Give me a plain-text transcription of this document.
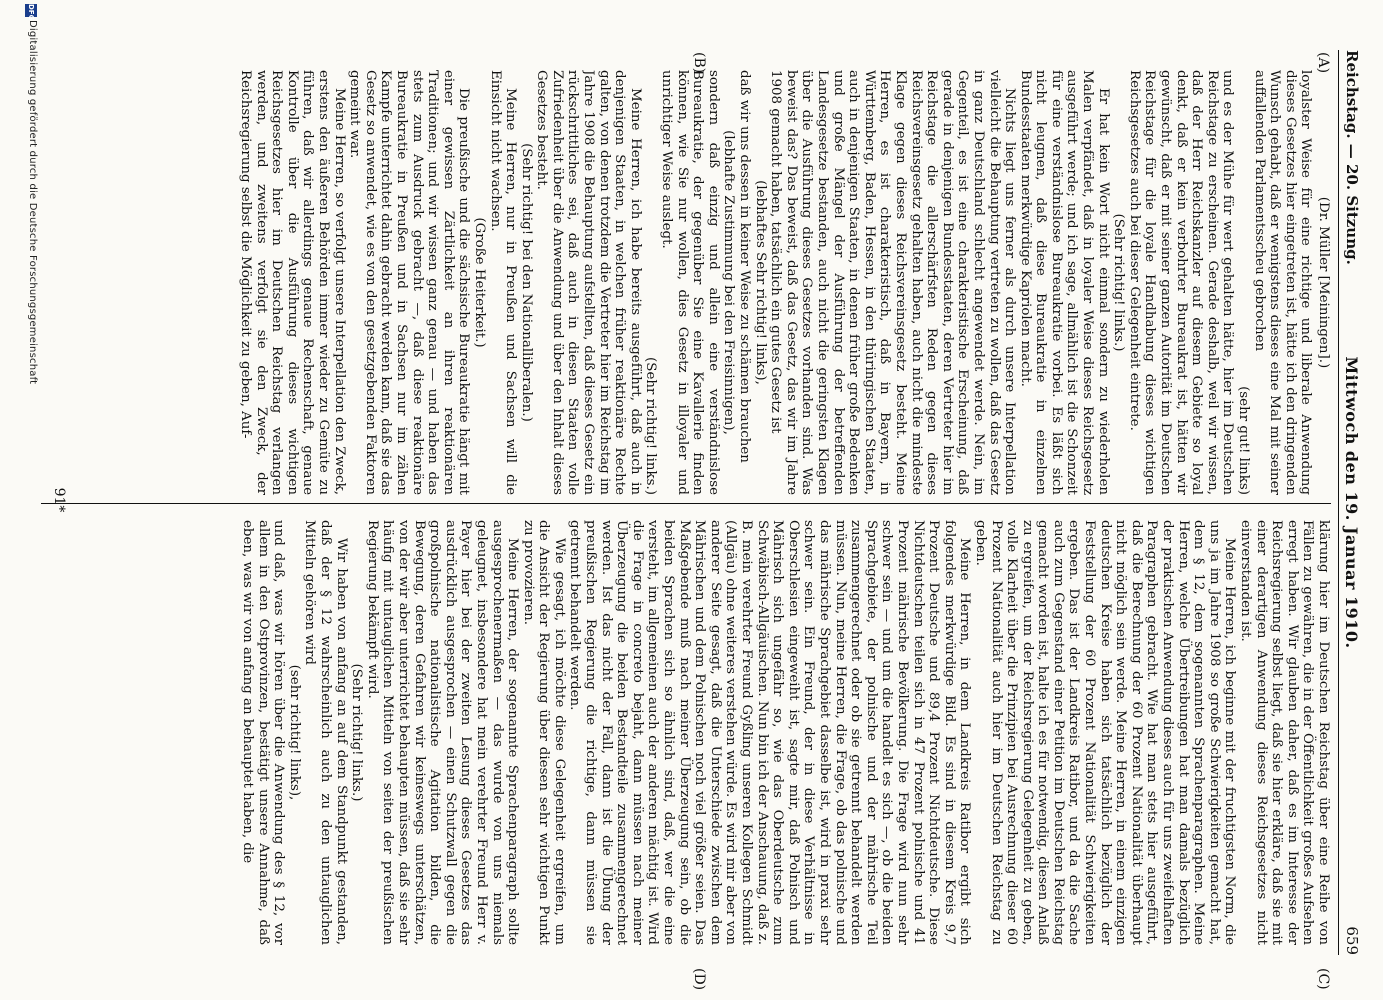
Reichstag. — 20. Sitzung.
Mittwoch den 19. Januar 1910.
659
(A)
(B)
(C)
(D)

(Dr. Müller [Meiningen].)

loyalster Weise für eine richtige und liberale Anwendung dieses Gesetzes hier eingetreten ist, hätte ich den dringenden Wunsch gehabt, daß er wenigstens dieses eine Mal mit seiner auffallenden Parlamentsscheu gebrochen

(sehr gut! links)

und es der Mühe für wert gehalten hätte, hier im Deutschen Reichstage zu erscheinen. Gerade deshalb, weil wir wissen, daß der Herr Reichskanzler auf diesem Gebiete so loyal denkt, daß er kein verbohrter Bureaukrat ist, hätten wir gewünscht, daß er mit seiner ganzen Autorität im Deutschen Reichstage für die loyale Handhabung dieses wichtigen Reichsgesetzes auch bei dieser Gelegenheit eintrete.

(Sehr richtig! links.)

Er hat kein Wort nicht einmal sondern zu wiederholen Malen verpfändet, daß in loyaler Weise dieses Reichsgesetz ausgeführt werde; und ich sage, allmählich ist die Schonzeit für eine verständnislose Bureaukratie vorbei. Es läßt sich nicht leugnen, daß diese Bureaukratie in einzelnen Bundesstaaten merkwürdige Kapriolen macht.

Nichts liegt uns ferner als durch unsere Interpellation vielleicht die Behauptung vertreten zu wollen, daß das Gesetz in ganz Deutschland schlecht angewendet werde. Nein, im Gegenteil, es ist eine charakteristische Erscheinung, daß gerade in denjenigen Bundesstaaten, deren Vertreter hier im Reichstage die allerschärfsten Reden gegen dieses Reichsvereinsgesetz gehalten haben, auch nicht die mindeste Klage gegen dieses Reichsvereinsgesetz besteht. Meine Herren, es ist charakteristisch, daß in Bayern, in Württemberg, Baden, Hessen, in den thüringischen Staaten, auch in denjenigen Staaten, in denen früher große Bedenken und große Mängel der Ausführung der betreffenden Landesgesetze bestanden, auch nicht die geringsten Klagen über die Ausführung dieses Gesetzes vorhanden sind. Was beweist das? Das beweist, daß das Gesetz, das wir im Jahre 1908 gemacht haben, tatsächlich ein gutes Gesetz ist

(lebhaftes Sehr richtig! links),

daß wir uns dessen in keiner Weise zu schämen brauchen

(lebhafte Zustimmung bei den Freisinnigen),

sondern daß einzig und allein eine verständnislose Bureaukratie, der gegenüber Sie eine Kavallerie finden können, wie Sie nur wollen, dies Gesetz in illoyaler und unrichtiger Weise auslegt.

(Sehr richtig! links.)

Meine Herren, ich habe bereits ausgeführt, daß auch in denjenigen Staaten, in welchen früher reaktionäre Rechte galten, von denen trotzdem die Vertreter hier im Reichstag im Jahre 1908 die Behauptung aufstellten, daß dieses Gesetz ein rückschrittliches sei, daß auch in diesen Staaten volle Zufriedenheit über die Anwendung und über den Inhalt dieses Gesetzes besteht.

(Sehr richtig! bei den Nationalliberalen.)

Meine Herren, nur in Preußen und Sachsen will die Einsicht nicht wachsen.

(Große Heiterkeit.)

Die preußische und die sächsische Bureaukratie hängt mit einer gewissen Zärtlichkeit an ihren reaktionären Traditionen; und wir wissen ganz genau — und haben das stets zum Ausdruck gebracht —, daß diese reaktionäre Bureaukratie in Preußen und in Sachsen nur im zähen Kampfe unterrichtet dahin gebracht werden kann, daß sie das Gesetz so anwendet, wie es von den gesetzgebenden Faktoren gemeint war.

Meine Herren, so verfolgt unsere Interpellation den Zweck, erstens den äußeren Behörden immer wieder zu Gemüte zu führen, daß wir allerdings genaue Rechenschaft, genaue Kontrolle über die Ausführung dieses wichtigen Reichsgesetzes hier im Deutschen Reichstag verlangen werden, und zweitens verfolgt sie den Zweck, der Reichsregierung selbst die Möglichkeit zu geben, Auf-

klärung hier im Deutschen Reichstag über eine Reihe von Fällen zu gewähren, die in der Öffentlichkeit großes Aufsehen erregt haben. Wir glauben daher, daß es im Interesse der Reichsregierung selbst liegt, daß sie hier erkläre, daß sie mit einer derartigen Anwendung dieses Reichsgesetzes nicht einverstanden ist.

Meine Herren, ich beginne mit der fruchtigsten Norm, die uns ja im Jahre 1908 so große Schwierigkeiten gemacht hat, dem § 12, dem sogenannten Sprachenparagraphen. Meine Herren, welche Übertreibungen hat man damals bezüglich der praktischen Anwendung dieses auch für uns zweifelhaften Paragraphen gebracht. Wie hat man stets hier ausgeführt, daß die Berechnung der 60 Prozent Nationalität überhaupt nicht möglich sein werde. Meine Herren, in einem einzigen deutschen Kreise haben sich tatsächlich bezüglich der Feststellung der 60 Prozent Nationalität Schwierigkeiten ergeben. Das ist der Landkreis Ratibor, und da die Sache auch zum Gegenstand einer Petition im Deutschen Reichstag gemacht worden ist, halte ich es für notwendig, diesen Anlaß zu ergreifen, um der Reichsregierung Gelegenheit zu geben, volle Klarheit über die Prinzipien bei Ausrechnung dieser 60 Prozent Nationalität auch hier im Deutschen Reichstag zu geben.

Meine Herren, in dem Landkreis Ratibor ergibt sich folgendes merkwürdige Bild. Es sind in diesem Kreis 9,7 Prozent Deutsche und 89,4 Prozent Nichtdeutsche. Diese Nichtdeutschen teilen sich in 47 Prozent polnische und 41 Prozent mährische Bevölkerung. Die Frage wird nun sehr schwer sein — und um die handelt es sich —, ob die beiden Sprachgebiete, der polnische und der mährische Teil zusammengerechnet oder ob sie getrennt behandelt werden müssen. Nun, meine Herren, die Frage, ob das polnische und das mährische Sprachgebiet dasselbe ist, wird in praxi sehr schwer sein. Ein Freund, der in diese Verhältnisse in Oberschlesien eingeweiht ist, sagte mir, daß Polnisch und Mährisch sich ungefähr so, wie das Oberdeutsche zum Schwäbisch-Allgäuischen. Nun bin ich der Anschauung, daß z. B. mein verehrter Freund Gyßling unseren Kollegen Schmidt (Allgäu) ohne weiteres verstehen würde. Es wird mir aber von anderer Seite gesagt, daß die Unterschiede zwischen dem Mährischen und dem Polnischen noch viel größer seien. Das Maßgebende muß nach meiner Überzeugung sein, ob die beiden Sprachen sich so ähnlich sind, daß, wer die eine versteht, im allgemeinen auch der anderen mächtig ist. Wird die Frage in concreto bejaht, dann müssen nach meiner Überzeugung die beiden Bestandteile zusammengerechnet werden. Ist das nicht der Fall, dann ist die Übung der preußischen Regierung die richtige, dann müssen sie getrennt behandelt werden.

Wie gesagt, ich möchte diese Gelegenheit ergreifen, um die Ansicht der Regierung über diesen sehr wichtigen Punkt zu provozieren.

Meine Herren, der sogenannte Sprachenparagraph sollte ausgesprochenermaßen — das wurde von uns niemals geleugnet, insbesondere hat mein verehrter Freund Herr v. Payer hier bei der zweiten Lesung dieses Gesetzes das ausdrücklich ausgesprochen — einen Schutzwall gegen die großpolnische nationalistische Agitation bilden, die Bewegung, deren Gefahren wir keineswegs unterschätzen, von der wir aber unterrichtet behaupten müssen, daß sie sehr häufig mit untauglichen Mitteln von seiten der preußischen Regierung bekämpft wird.

(Sehr richtig! links.)

Wir haben von anfang an auf dem Standpunkt gestanden, daß der § 12 wahrscheinlich auch zu den untauglichen Mitteln gehören wird

(sehr richtig! links),

und daß, was wir hören über die Anwendung des § 12, vor allem in den Ostprovinzen, bestätigt unsere Annahme, daß eben, was wir von anfang an behauptet haben, die

91*
DFG
Digitalisierung gefördert durch die Deutsche Forschungsgemeinschaft
